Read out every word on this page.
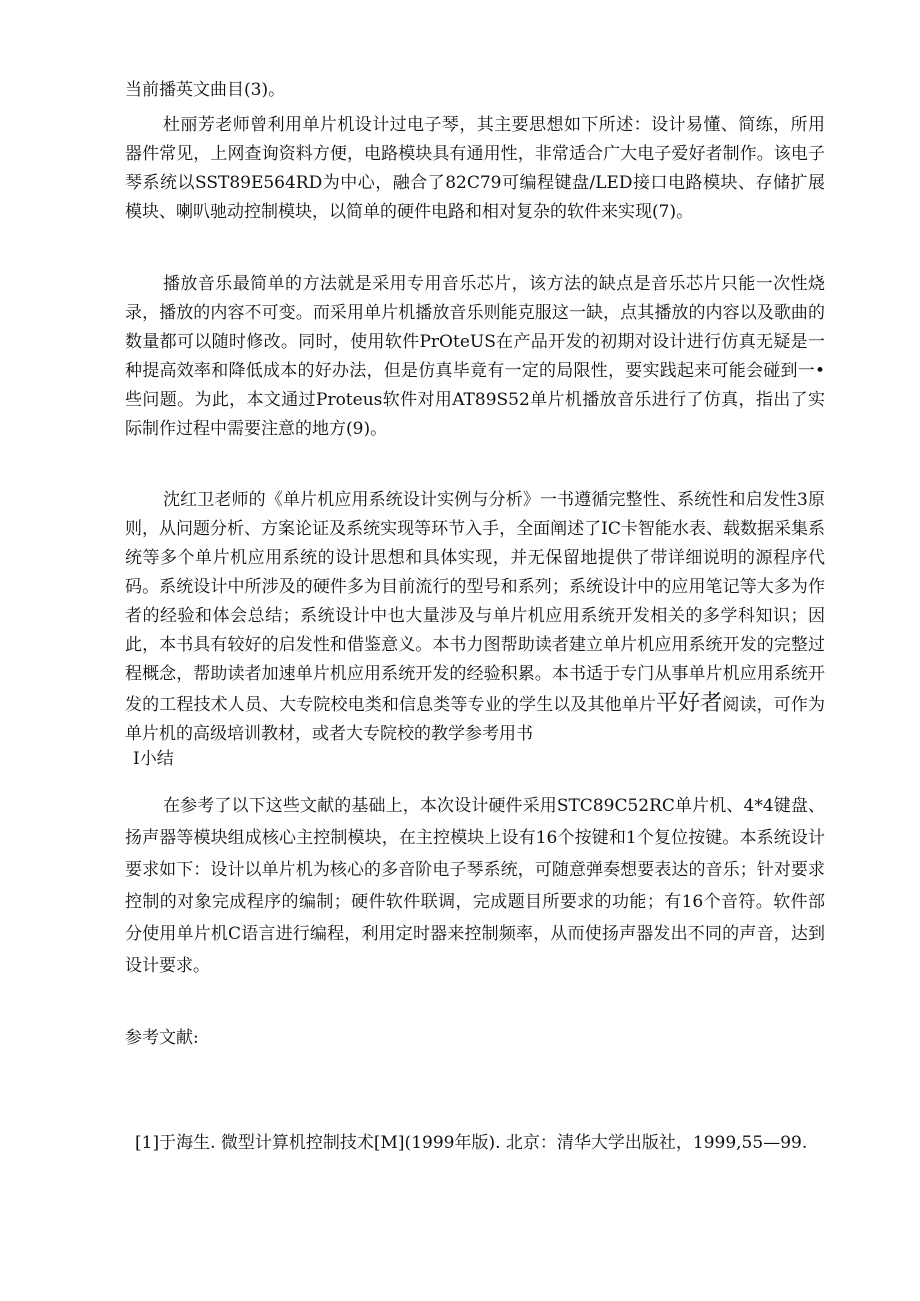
当前播英文曲目(3)。

杜丽芳老师曾利用单片机设计过电子琴，其主要思想如下所述：设计易懂、简练，所用器件常见，上网查询资料方便，电路模块具有通用性，非常适合广大电子爱好者制作。该电子琴系统以SST89E564RD为中心，融合了82C79可编程键盘/LED接口电路模块、存储扩展模块、喇叭驰动控制模块，以简单的硬件电路和相对复杂的软件来实现(7)。

播放音乐最简单的方法就是采用专用音乐芯片，该方法的缺点是音乐芯片只能一次性烧录，播放的内容不可变。而采用单片机播放音乐则能克服这一缺，点其播放的内容以及歌曲的数量都可以随时修改。同时，使用软件PrOteUS在产品开发的初期对设计进行仿真无疑是一种提高效率和降低成本的好办法，但是仿真毕竟有一定的局限性，要实践起来可能会碰到一•些问题。为此，本文通过Proteus软件对用AT89S52单片机播放音乐进行了仿真，指出了实际制作过程中需要注意的地方(9)。

沈红卫老师的《单片机应用系统设计实例与分析》一书遵循完整性、系统性和启发性3原则，从问题分析、方案论证及系统实现等环节入手，全面阐述了IC卡智能水表、载数据采集系统等多个单片机应用系统的设计思想和具体实现，并无保留地提供了带详细说明的源程序代码。系统设计中所涉及的硬件多为目前流行的型号和系列；系统设计中的应用笔记等大多为作者的经验和体会总结；系统设计中也大量涉及与单片机应用系统开发相关的多学科知识；因此，本书具有较好的启发性和借鉴意义。本书力图帮助读者建立单片机应用系统开发的完整过程概念，帮助读者加速单片机应用系统开发的经验积累。本书适于专门从事单片机应用系统开发的工程技术人员、大专院校电类和信息类等专业的学生以及其他单片平好者阅读，可作为单片机的高级培训教材，或者大专院校的教学参考用书

I小结

在参考了以下这些文献的基础上，本次设计硬件采用STC89C52RC单片机、4*4键盘、扬声器等模块组成核心主控制模块，在主控模块上设有16个按键和1个复位按键。本系统设计要求如下：设计以单片机为核心的多音阶电子琴系统，可随意弹奏想要表达的音乐；针对要求控制的对象完成程序的编制；硬件软件联调，完成题目所要求的功能；有16个音符。软件部分使用单片机C语言进行编程，利用定时器来控制频率，从而使扬声器发出不同的声音，达到设计要求。

参考文献:

[1]于海生. 微型计算机控制技术[M](1999年版). 北京：清华大学出版社，1999,55—99.
